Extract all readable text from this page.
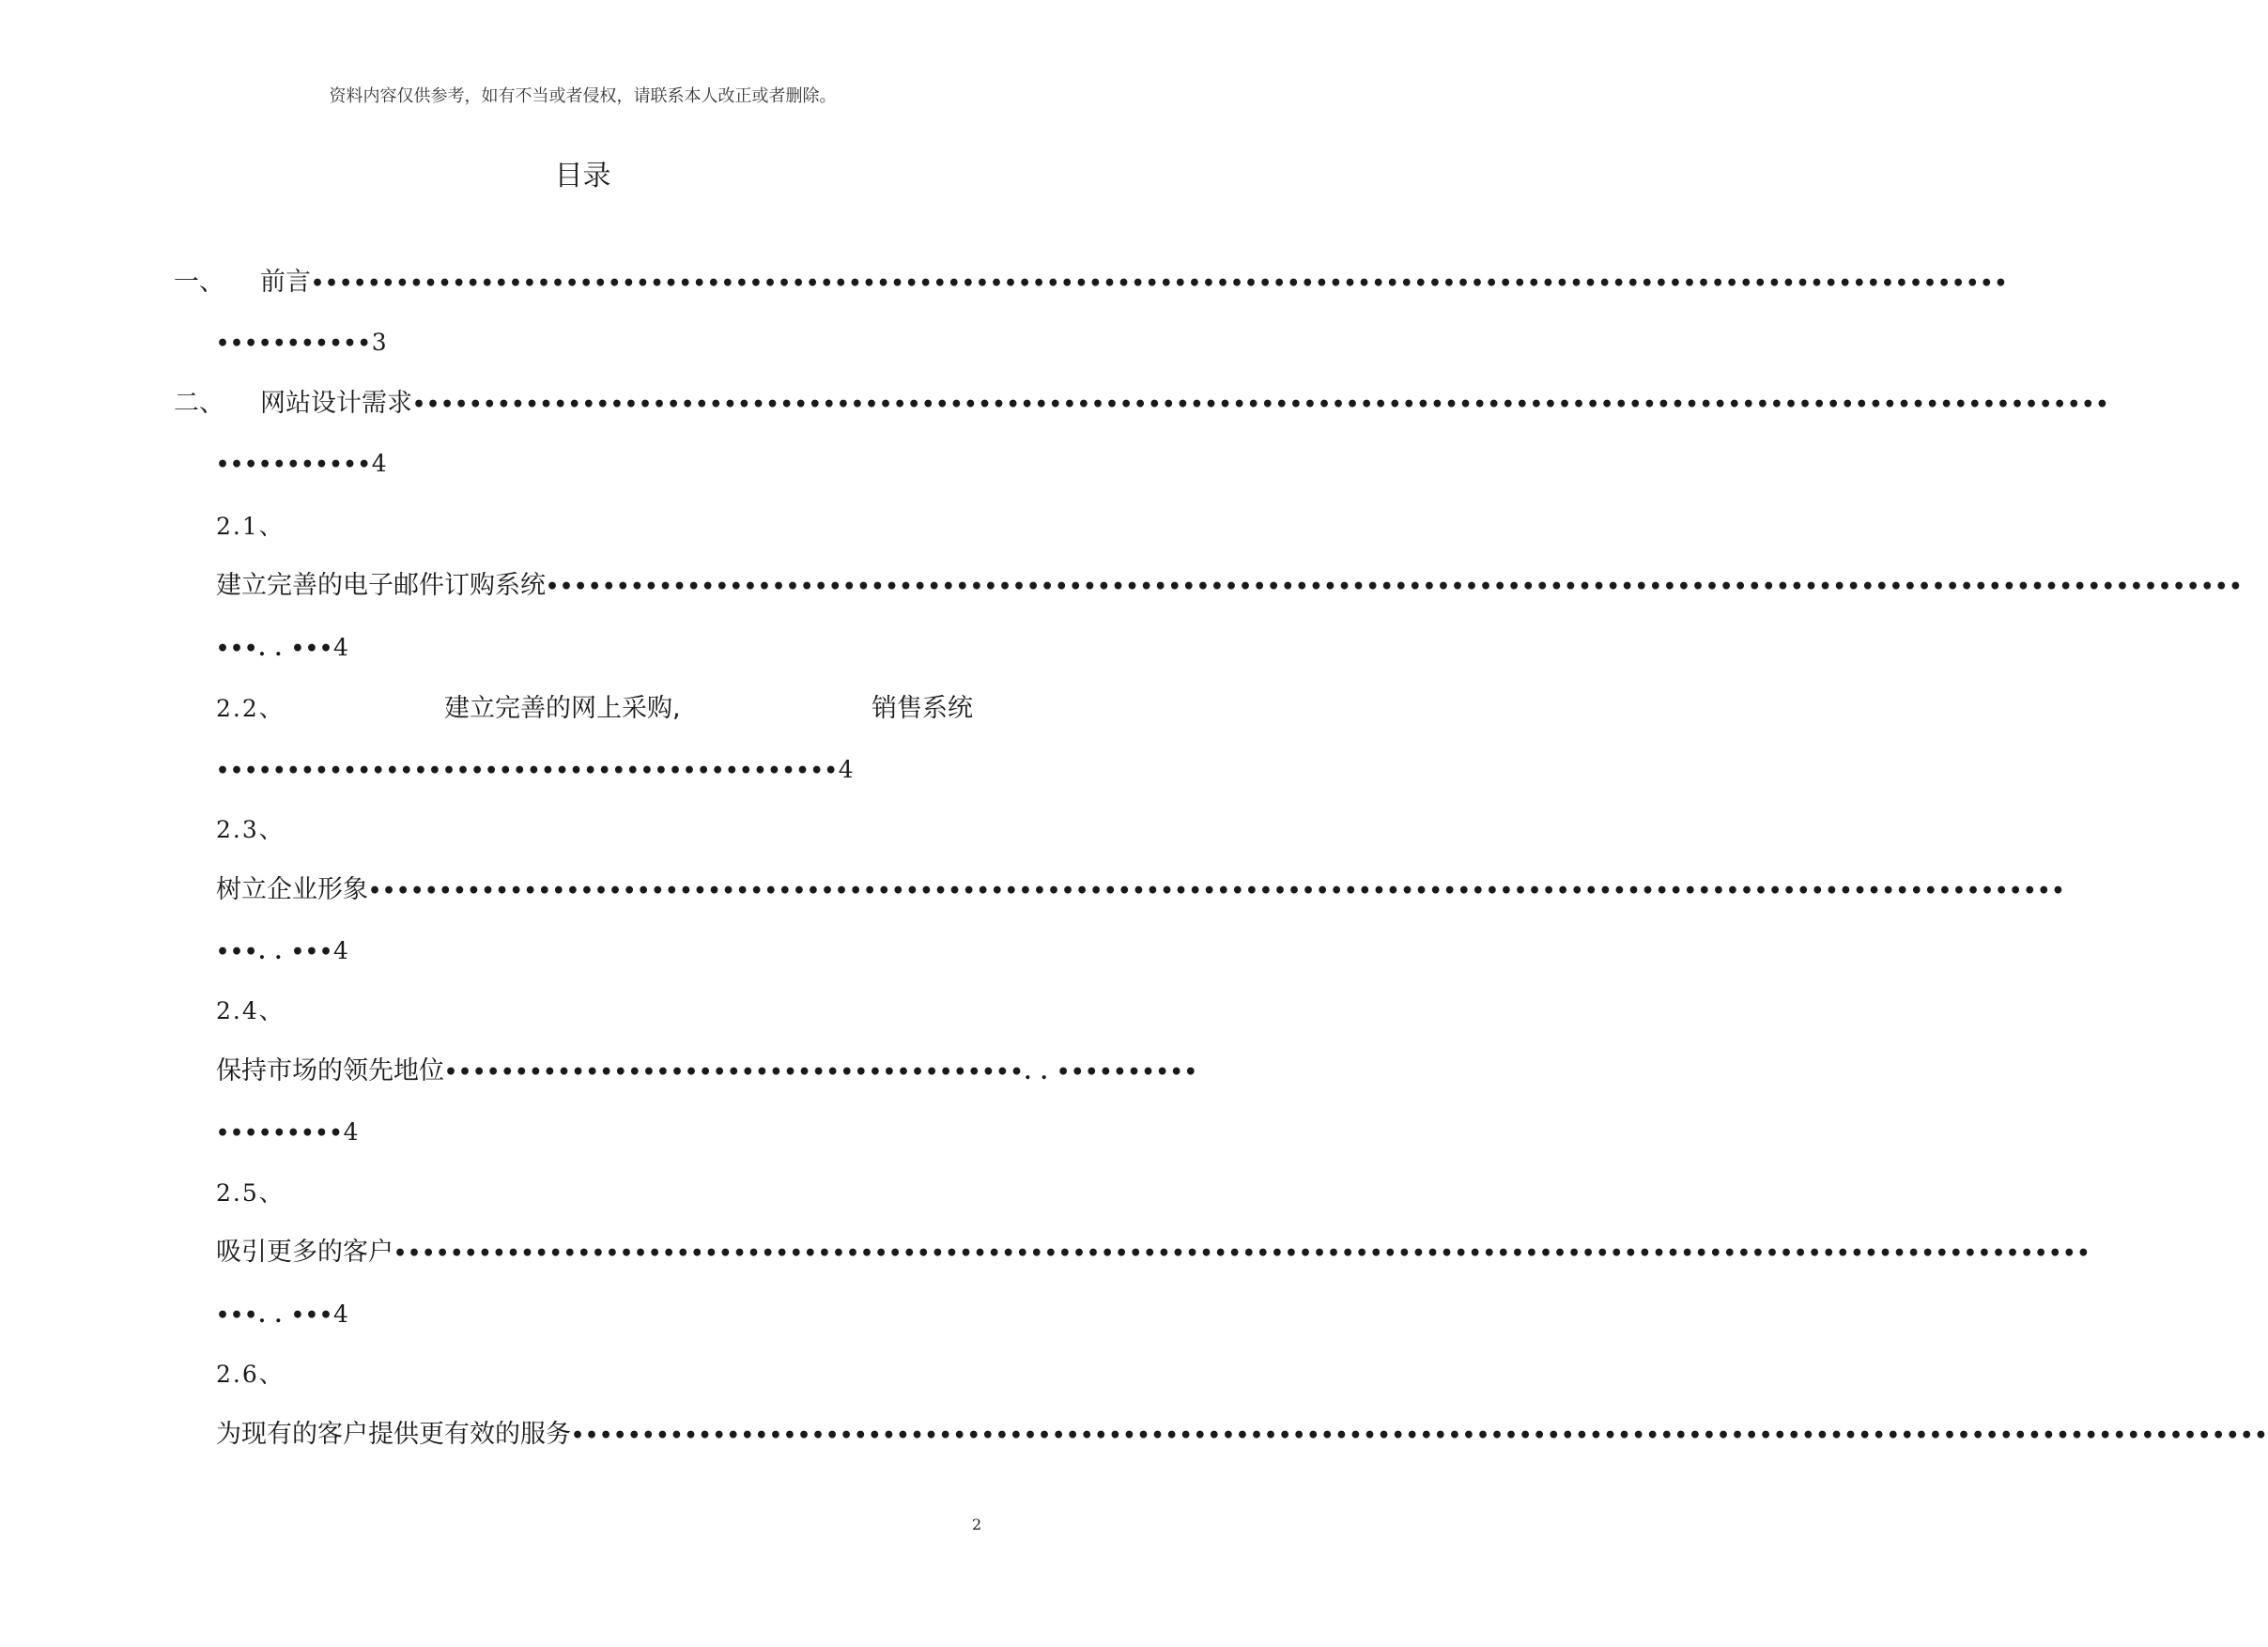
资料内容仅供参考，如有不当或者侵权，请联系本人改正或者删除。
目录
一、 前言••••••••••••••••••••••••••••••••••••••••••••••••••••••••••••••••••••••••••••••••••••••••••••••••••••••••••••••••••••••••
•••••••••••3
二、 网站设计需求••••••••••••••••••••••••••••••••••••••••••••••••••••••••••••••••••••••••••••••••••••••••••••••••••••••••••••••••••••••••
•••••••••••4
2.1、
建立完善的电子邮件订购系统••••••••••••••••••••••••••••••••••••••••••••••••••••••••••••••••••••••••••••••••••••••••••••••••••••••••••••••••••••••••
•••. . •••4
2.2、	建立完善的网上采购,	销售系统
••••••••••••••••••••••••••••••••••••••••••••4
2.3、
树立企业形象••••••••••••••••••••••••••••••••••••••••••••••••••••••••••••••••••••••••••••••••••••••••••••••••••••••••••••••••••••••••
•••. . •••4
2.4、
保持市场的领先地位•••••••••••••••••••••••••••••••••••••••••. . ••••••••••
•••••••••4
2.5、
吸引更多的客户••••••••••••••••••••••••••••••••••••••••••••••••••••••••••••••••••••••••••••••••••••••••••••••••••••••••••••••••••••••••
•••. . •••4
2.6、
为现有的客户提供更有效的服务••••••••••••••••••••••••••••••••••••••••••••••••••••••••••••••••••••••••••••••••••••••••••••••••••••••••••••••••••••••••
2
